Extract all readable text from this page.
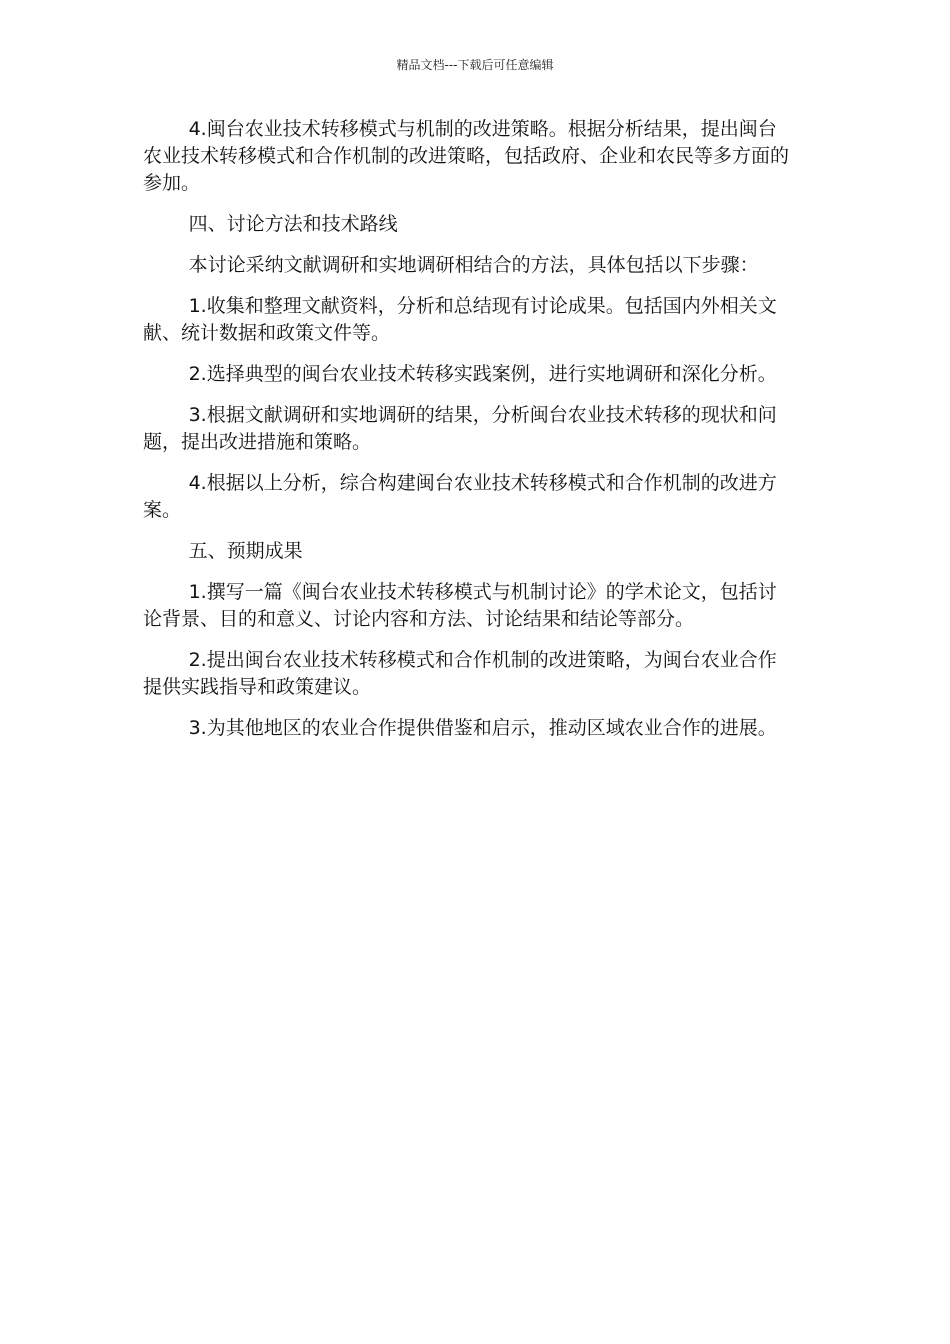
精品文档---下载后可任意编辑

4.闽台农业技术转移模式与机制的改进策略。根据分析结果，提出闽台农业技术转移模式和合作机制的改进策略，包括政府、企业和农民等多方面的参加。

四、讨论方法和技术路线

本讨论采纳文献调研和实地调研相结合的方法，具体包括以下步骤：

1.收集和整理文献资料，分析和总结现有讨论成果。包括国内外相关文献、统计数据和政策文件等。

2.选择典型的闽台农业技术转移实践案例，进行实地调研和深化分析。

3.根据文献调研和实地调研的结果，分析闽台农业技术转移的现状和问题，提出改进措施和策略。

4.根据以上分析，综合构建闽台农业技术转移模式和合作机制的改进方案。

五、预期成果

1.撰写一篇《闽台农业技术转移模式与机制讨论》的学术论文，包括讨论背景、目的和意义、讨论内容和方法、讨论结果和结论等部分。

2.提出闽台农业技术转移模式和合作机制的改进策略，为闽台农业合作提供实践指导和政策建议。

3.为其他地区的农业合作提供借鉴和启示，推动区域农业合作的进展。
